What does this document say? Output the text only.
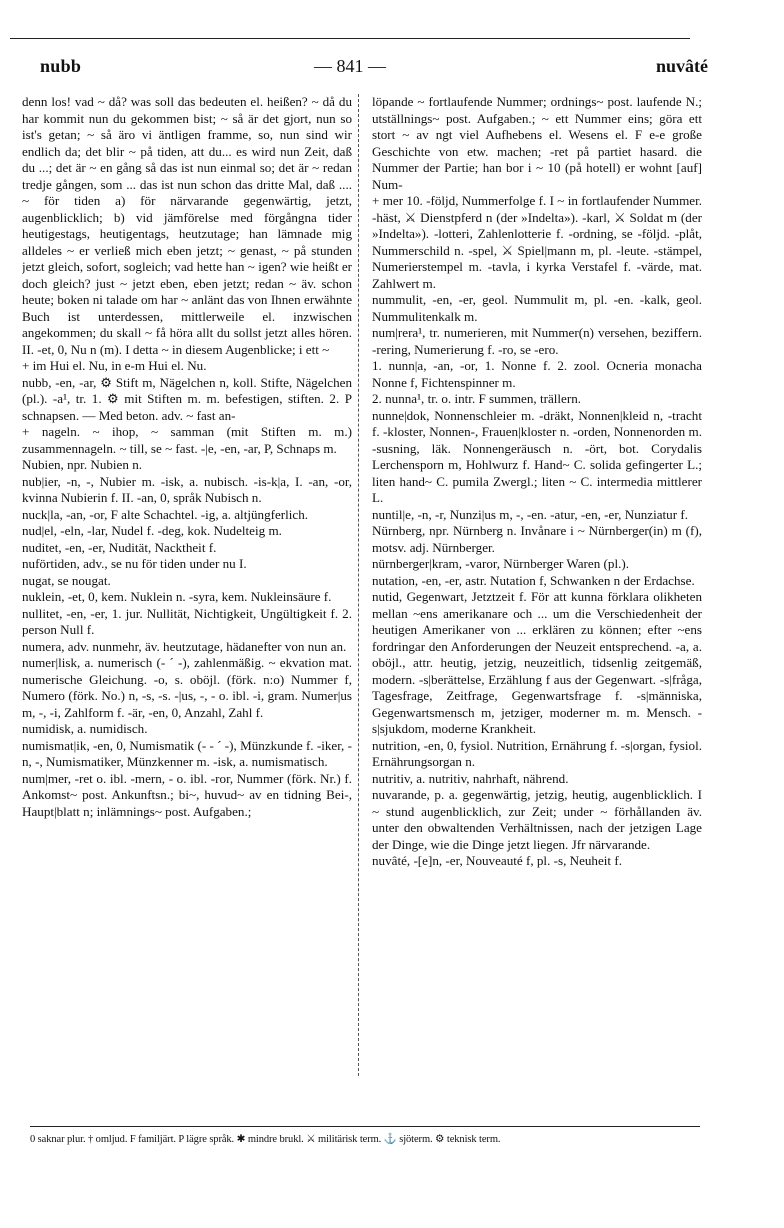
nubb	— 841 —	nuvâté

denn los! vad ~ då? was soll das bedeuten el. heißen? ~ då du har kommit nun du gekommen bist; ~ så är det gjort, nun so ist's getan; ~ så äro vi äntligen framme, so, nun sind wir endlich da; det blir ~ på tiden, att du... es wird nun Zeit, daß du ...; det är ~ en gång så das ist nun einmal so; det är ~ redan tredje gången, som ... das ist nun schon das dritte Mal, daß .... ~ för tiden a) för närvarande gegenwärtig, jetzt, augenblicklich; b) vid jämförelse med förgångna tider heutigestags, heutigentags, heutzutage; han lämnade mig alldeles ~ er verließ mich eben jetzt; ~ genast, ~ på stunden jetzt gleich, sofort, sogleich; vad hette han ~ igen? wie heißt er doch gleich? just ~ jetzt eben, eben jetzt; redan ~ äv. schon heute; boken ni talade om har ~ anlänt das von Ihnen erwähnte Buch ist unterdessen, mittlerweile el. inzwischen angekommen; du skall ~ få höra allt du sollst jetzt alles hören. II. -et, 0, Nu n (m). I detta ~ in diesem Augenblicke; i ett ~

+ im Hui el. Nu, in e-m Hui el. Nu.

nubb, -en, -ar, ⚙ Stift m, Nägelchen n, koll. Stifte, Nägelchen (pl.). -a¹, tr. 1. ⚙ mit Stiften m. m. befestigen, stiften. 2. P schnapsen. — Med beton. adv. ~ fast an-

+ nageln. ~ ihop, ~ samman (mit Stiften m. m.) zusammennageln. ~ till, se ~ fast. -|e, -en, -ar, P, Schnaps m.

Nubien, npr. Nubien n.

nub|ier, -n, -, Nubier m. -isk, a. nubisch. -is-k|a, I. -an, -or, kvinna Nubierin f. II. -an, 0, språk Nubisch n.

nuck|la, -an, -or, F alte Schachtel. -ig, a. altjüngferlich.

nud|el, -eln, -lar, Nudel f. -deg, kok. Nudelteig m.

nuditet, -en, -er, Nudität, Nacktheit f.

nuförtiden, adv., se nu för tiden under nu I.

nugat, se nougat.

nuklein, -et, 0, kem. Nuklein n. -syra, kem. Nukleinsäure f.

nullitet, -en, -er, 1. jur. Nullität, Nichtigkeit, Ungültigkeit f. 2. person Null f.

numera, adv. nunmehr, äv. heutzutage, hädanefter von nun an.

numer|lisk, a. numerisch (- ´ -), zahlenmäßig. ~ ekvation mat. numerische Gleichung. -o, s. oböjl. (förk. n:o) Nummer f, Numero (förk. No.) n, -s, -s. -|us, -, - o. ibl. -i, gram. Numer|us m, -, -i, Zahlform f. -är, -en, 0, Anzahl, Zahl f.

numidisk, a. numidisch.

numismat|ik, -en, 0, Numismatik (- - ´ -), Münzkunde f. -iker, -n, -, Numismatiker, Münzkenner m. -isk, a. numismatisch.

num|mer, -ret o. ibl. -mern, - o. ibl. -ror, Nummer (förk. Nr.) f. Ankomst~ post. Ankunftsn.; bi~, huvud~ av en tidning Bei-, Haupt|blatt n; inlämnings~ post. Aufgaben.;

löpande ~ fortlaufende Nummer; ordnings~ post. laufende N.; utställnings~ post. Aufgaben.; ~ ett Nummer eins; göra ett stort ~ av ngt viel Aufhebens el. Wesens el. F e-e große Geschichte von etw. machen; -ret på partiet hasard. die Nummer der Partie; han bor i ~ 10 (på hotell) er wohnt [auf] Num-

+ mer 10. -följd, Nummerfolge f. I ~ in fortlaufender Nummer. -häst, ⚔ Dienstpferd n (der »Indelta»). -karl, ⚔ Soldat m (der »Indelta»). -lotteri, Zahlenlotterie f. -ordning, se -följd. -plåt, Nummerschild n. -spel, ⚔ Spiel|mann m, pl. -leute. -stämpel, Numerierstempel m. -tavla, i kyrka Verstafel f. -värde, mat. Zahlwert m.

nummulit, -en, -er, geol. Nummulit m, pl. -en. -kalk, geol. Nummulitenkalk m.

num|rera¹, tr. numerieren, mit Nummer(n) versehen, beziffern. -rering, Numerierung f. -ro, se -ero.

1. nunn|a, -an, -or, 1. Nonne f. 2. zool. Ocneria monacha Nonne f, Fichtenspinner m.

2. nunna¹, tr. o. intr. F summen, trällern.

nunne|dok, Nonnenschleier m. -dräkt, Nonnen|kleid n, -tracht f. -kloster, Nonnen-, Frauen|kloster n. -orden, Nonnenorden m. -susning, läk. Nonnengeräusch n. -ört, bot. Corydalis Lerchensporn m, Hohlwurz f. Hand~ C. solida gefingerter L.; liten hand~ C. pumila Zwergl.; liten ~ C. intermedia mittlerer L.

nuntil|e, -n, -r, Nunzi|us m, -, -en. -atur, -en, -er, Nunziatur f.

Nürnberg, npr. Nürnberg n. Invånare i ~ Nürnberger(in) m (f), motsv. adj. Nürnberger.

nürnberger|kram, -varor, Nürnberger Waren (pl.).

nutation, -en, -er, astr. Nutation f, Schwanken n der Erdachse.

nutid, Gegenwart, Jetztzeit f. För att kunna förklara olikheten mellan ~ens amerikanare och ... um die Verschiedenheit der heutigen Amerikaner von ... erklären zu können; efter ~ens fordringar den Anforderungen der Neuzeit entsprechend. -a, a. oböjl., attr. heutig, jetzig, neuzeitlich, tidsenlig zeitgemäß, modern. -s|berättelse, Erzählung f aus der Gegenwart. -s|fråga, Tagesfrage, Zeitfrage, Gegenwartsfrage f. -s|människa, Gegenwartsmensch m, jetziger, moderner m. m. Mensch. -s|sjukdom, moderne Krankheit.

nutrition, -en, 0, fysiol. Nutrition, Ernährung f. -s|organ, fysiol. Ernährungsorgan n.

nutritiv, a. nutritiv, nahrhaft, nährend.

nuvarande, p. a. gegenwärtig, jetzig, heutig, augenblicklich. I ~ stund augenblicklich, zur Zeit; under ~ förhållanden äv. unter den obwaltenden Verhältnissen, nach der jetzigen Lage der Dinge, wie die Dinge jetzt liegen. Jfr närvarande.

nuvâté, -[e]n, -er, Nouveauté f, pl. -s, Neuheit f.

0 saknar plur. † omljud. F familjärt. P lägre språk. ✱ mindre brukl. ⚔ militärisk term. ⚓ sjöterm. ⚙ teknisk term.
